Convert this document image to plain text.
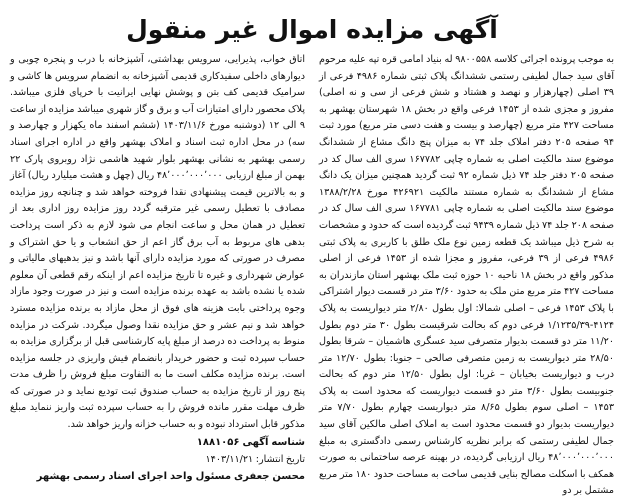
آگهی مزایده اموال غیر منقول

به موجب پرونده اجرائی کلاسه ۹۸۰۰۵۵۸ له بنیاد امامی قره تپه علیه مرحوم آقای سید جمال لطیفی رستمی ششدانگ پلاک ثبتی شماره ۴۹۸۶ فرعی از ۳۹ اصلی (چهارهزار و نهصد و هشتاد و شش فرعی از سی و نه اصلی) مفروز و مجزی شده از ۱۴۵۳ فرعی واقع در بخش ۱۸ شهرستان بهشهر به مساحت ۴۲۷ متر مربع (چهارصد و بیست و هفت دسی متر مربع) مورد ثبت ۹۴ صفحه ۲۰۵ دفتر املاک جلد ۷۴ به میزان پنج دانگ مشاع از ششدانگ موضوع سند مالکیت اصلی به شماره چاپی ۱۶۷۷۸۲ سری الف سال کد در صفحه ۲۰۵ دفتر جلد ۷۴ ذیل شماره ۹۲ ثبت گردید همچنین میزان یک دانگ مشاع از ششدانگ به شماره مستند مالکیت ۴۲۶۹۲۱ مورخ ۱۳۸۸/۲/۲۸ موضوع سند مالکیت اصلی به شماره چاپی ۱۶۷۷۸۱ سری الف سال کد در صفحه ۲۰۸ جلد ۷۴ ذیل شماره ۹۴۳۹ ثبت گردیده است که حدود و مشخصات به شرح ذیل میباشد یک قطعه زمین نوع ملک طلق با کاربری به پلاک ثبتی ۴۹۸۶ فرعی از ۳۹ فرعی، مفروز و مجزا شده از ۱۴۵۳ فرعی از اصلی مذکور واقع در بخش ۱۸ ناحیه ۱۰ حوزه ثبت ملک بهشهر استان مازندران به مساحت ۴۲۷ متر مربع متن ملک به حدود ۳/۶۰ متر در قسمت دیوار اشتراکی با پلاک ۱۴۵۳ فرعی – اصلی شمالا: اول بطول ۲/۸۰ متر دیواریست به پلاک ۴۱۲۴-۱/۱۲۳۵/۳۹ فرعی دوم که بحالت شرقیست بطول ۳۰ متر دوم بطول ۱۱/۲۰ متر دو قسمت بدیوار متصرفی سید عسگری هاشمیان – شرقا بطول ۲۸/۵۰ متر دیواریست به زمین متصرفی صالحی – جنوبا: بطول ۱۲/۷۰ متر درب و دیواریست بخیابان – غربا: اول بطول ۱۲/۵۰ متر دوم که بحالت جنوبیست بطول ۳/۶۰ متر دو قسمت دیواریست که محدود است به پلاک ۱۴۵۳ – اصلی سوم بطول ۸/۶۵ متر دیواریست چهارم بطول ۷/۷۰ متر دیواریست بدیوار دو قسمت محدود است به املاک اصلی مالکین آقای سید جمال لطیفی رستمی که برابر نظریه کارشناس رسمی دادگستری به مبلغ ۴۸٬۰۰۰٬۰۰۰٬۰۰۰ ریال ارزیابی گردیده، در بهینه عرصه ساختمانی به صورت همکف با اسکلت مصالح بنایی قدیمی ساخت به مساحت حدود ۱۸۰ متر مربع مشتمل بر دو

اتاق خواب، پذیرایی، سرویس بهداشتی، آشپزخانه با درب و پنجره چوبی و دیوارهای داخلی سفیدکاری قدیمی آشپزخانه به انضمام سرویس ها کاشی و سرامیک قدیمی کف بتن و پوشش نهایی ایرانیت با خرپای فلزی میباشد. پلاک محصور دارای امتیازات آب و برق و گاز شهری میباشد مزایده از ساعت ۹ الی ۱۲ (دوشنبه مورخ ۱۴۰۳/۱۱/۶ (ششم اسفند ماه یکهزار و چهارصد و سه) در محل اداره ثبت اسناد و املاک بهشهر واقع در اداره اجرای اسناد رسمی بهشهر به نشانی بهشهر بلوار شهید هاشمی نژاد روبروی پارک ۲۲ بهمن از مبلغ ارزیابی ۴۸٬۰۰۰٬۰۰۰٬۰۰۰ ریال (چهل و هشت میلیارد ریال) آغاز و به بالاترین قیمت پیشنهادی نقدا فروخته خواهد شد و چنانچه روز مزایده مصادف با تعطیل رسمی غیر مترقبه گردد روز مزایده روز اداری بعد از تعطیل در همان محل و ساعت انجام می شود لازم به ذکر است پرداخت بدهی های مربوط به آب برق گاز اعم از حق انشعاب و یا حق اشتراک و مصرف در صورتی که مورد مزایده دارای آنها باشد و نیز بدهیهای مالیاتی و عوارض شهرداری و غیره تا تاریخ مزایده اعم از اینکه رقم قطعی آن معلوم شده یا نشده باشد به عهده برنده مزایده است و نیز در صورت وجود مازاد وجوه پرداختی بابت هزینه های فوق از محل مازاد به برنده مزایده مسترد خواهد شد و نیم عشر و حق مزایده نقدا وصول میگردد. شرکت در مزایده منوط به پرداخت ده درصد از مبلغ پایه کارشناسی قبل از برگزاری مزایده به حساب سپرده ثبت و حضور خریدار بانضمام فیش واریزی در جلسه مزایده است. برنده مزایده مکلف است ما به التفاوت مبلغ فروش را ظرف مدت پنج روز از تاریخ مزایده به حساب صندوق ثبت تودیع نماید و در صورتی که ظرف مهلت مقرر مانده فروش را به حساب سپرده ثبت واریز ننماید مبلغ مذکور قابل استرداد نبوده و به حساب خزانه واریز خواهد شد.

شناسه آگهی ۱۸۸۱۰۵۶
تاریخ انتشار: ۱۴۰۳/۱۱/۲۱
محسن جعفری مسئول واحد اجرای اسناد رسمی بهشهر
